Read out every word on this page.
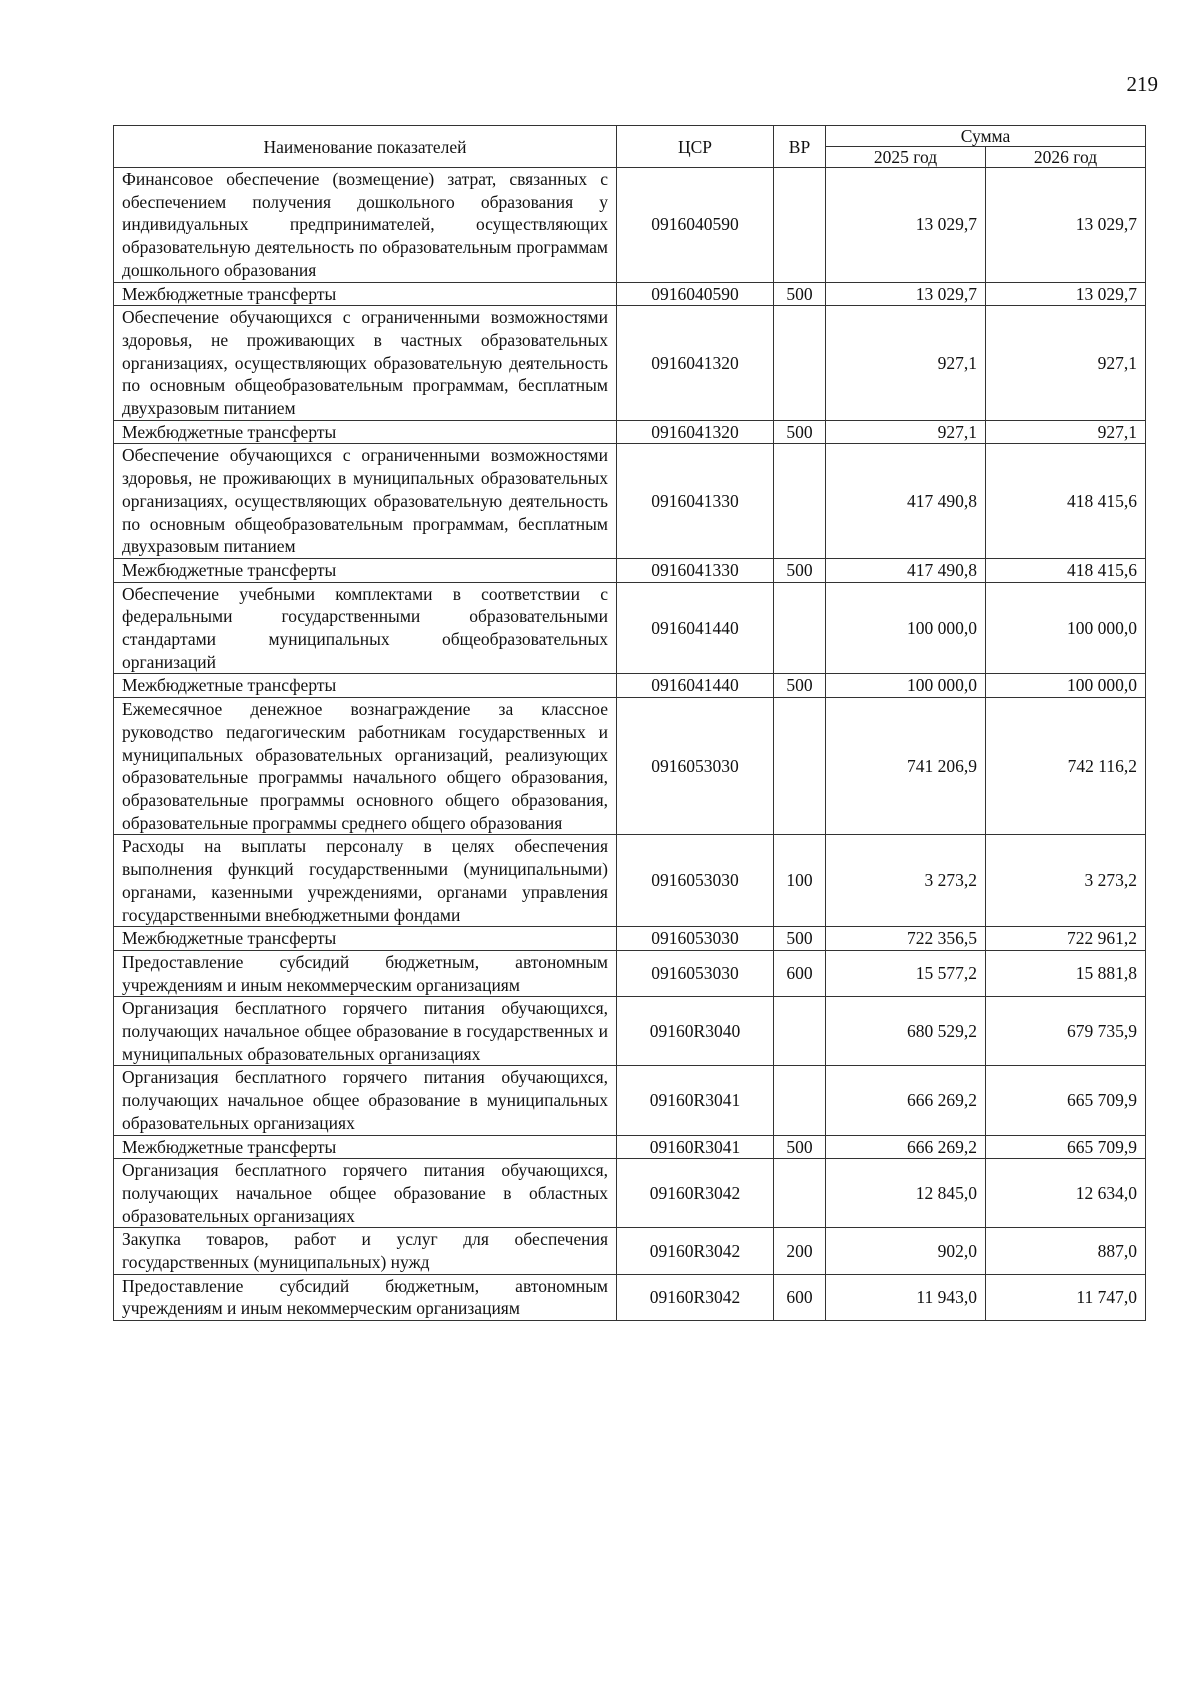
219
Наименование показателей	ЦСР	ВР	Сумма	
			2025 год	2026 год
Финансовое обеспечение (возмещение) затрат, связанных с обеспечением получения дошкольного образования у индивидуальных предпринимателей, осуществляющих образовательную деятельность по образовательным программам дошкольного образования	0916040590		13 029,7	13 029,7
Межбюджетные трансферты	0916040590	500	13 029,7	13 029,7
Обеспечение обучающихся с ограниченными возможностями здоровья, не проживающих в частных образовательных организациях, осуществляющих образовательную деятельность по основным общеобразовательным программам, бесплатным двухразовым питанием	0916041320		927,1	927,1
Межбюджетные трансферты	0916041320	500	927,1	927,1
Обеспечение обучающихся с ограниченными возможностями здоровья, не проживающих в муниципальных образовательных организациях, осуществляющих образовательную деятельность по основным общеобразовательным программам, бесплатным двухразовым питанием	0916041330		417 490,8	418 415,6
Межбюджетные трансферты	0916041330	500	417 490,8	418 415,6
Обеспечение учебными комплектами в соответствии с федеральными государственными образовательными стандартами муниципальных общеобразовательных организаций	0916041440		100 000,0	100 000,0
Межбюджетные трансферты	0916041440	500	100 000,0	100 000,0
Ежемесячное денежное вознаграждение за классное руководство педагогическим работникам государственных и муниципальных образовательных организаций, реализующих образовательные программы начального общего образования, образовательные программы основного общего образования, образовательные программы среднего общего образования	0916053030		741 206,9	742 116,2
Расходы на выплаты персоналу в целях обеспечения выполнения функций государственными (муниципальными) органами, казенными учреждениями, органами управления государственными внебюджетными фондами	0916053030	100	3 273,2	3 273,2
Межбюджетные трансферты	0916053030	500	722 356,5	722 961,2
Предоставление субсидий бюджетным, автономным учреждениям и иным некоммерческим организациям	0916053030	600	15 577,2	15 881,8
Организация бесплатного горячего питания обучающихся, получающих начальное общее образование в государственных и муниципальных образовательных организациях	09160R3040		680 529,2	679 735,9
Организация бесплатного горячего питания обучающихся, получающих начальное общее образование в муниципальных образовательных организациях	09160R3041		666 269,2	665 709,9
Межбюджетные трансферты	09160R3041	500	666 269,2	665 709,9
Организация бесплатного горячего питания обучающихся, получающих начальное общее образование в областных образовательных организациях	09160R3042		12 845,0	12 634,0
Закупка товаров, работ и услуг для обеспечения государственных (муниципальных) нужд	09160R3042	200	902,0	887,0
Предоставление субсидий бюджетным, автономным учреждениям и иным некоммерческим организациям	09160R3042	600	11 943,0	11 747,0
